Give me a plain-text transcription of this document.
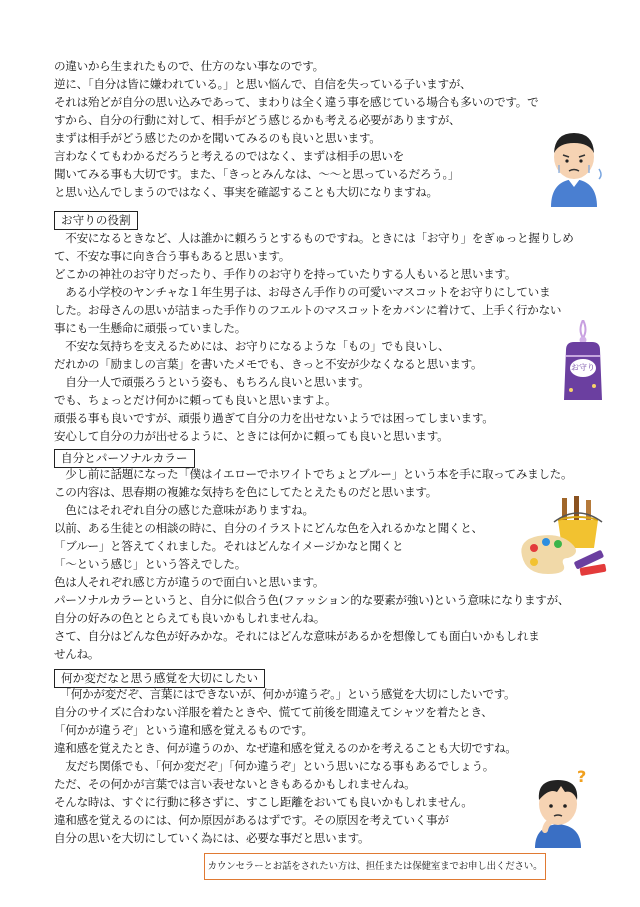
の違いから生まれたもので、仕方のない事なのです。
逆に、「自分は皆に嫌われている。」と思い悩んで、自信を失っている子いますが、
それは殆どが自分の思い込みであって、まわりは全く違う事を感じている場合も多いのです。で
すから、自分の行動に対して、相手がどう感じるかも考える必要がありますが、
まずは相手がどう感じたのかを聞いてみるのも良いと思います。
言わなくてもわかるだろうと考えるのではなく、まずは相手の思いを
聞いてみる事も大切です。また、「きっとみんなは、～～と思っているだろう。」
と思い込んでしまうのではなく、事実を確認することも大切になりますね。
お守りの役割
　不安になるときなど、人は誰かに頼ろうとするものですね。ときには「お守り」をぎゅっと握りしめ
て、不安な事に向き合う事もあると思います。
どこかの神社のお守りだったり、手作りのお守りを持っていたりする人もいると思います。
　ある小学校のヤンチャな１年生男子は、お母さん手作りの可愛いマスコットをお守りにしていま
した。お母さんの思いが詰まった手作りのフエルトのマスコットをカバンに着けて、上手く行かない
事にも一生懸命に頑張っていました。
　不安な気持ちを支えるためには、お守りになるような「もの」でも良いし、
だれかの「励ましの言葉」を書いたメモでも、きっと不安が少なくなると思います。
　自分一人で頑張ろうという姿も、もちろん良いと思います。
でも、ちょっとだけ何かに頼っても良いと思いますよ。
頑張る事も良いですが、頑張り過ぎて自分の力を出せないようでは困ってしまいます。
安心して自分の力が出せるように、ときには何かに頼っても良いと思います。
お守り
自分とパーソナルカラー
　少し前に話題になった「僕はイエローでホワイトでちょとブルー」という本を手に取ってみました。
この内容は、思春期の複雑な気持ちを色にしてたとえたものだと思います。
　色にはそれぞれ自分の感じた意味がありますね。
以前、ある生徒との相談の時に、自分のイラストにどんな色を入れるかなと聞くと、
「ブルー」と答えてくれました。それはどんなイメージかなと聞くと
「～という感じ」という答えでした。
色は人それぞれ感じ方が違うので面白いと思います。
パーソナルカラーというと、自分に似合う色(ファッション的な要素が強い)という意味になりますが、
自分の好みの色ととらえても良いかもしれませんね。
さて、自分はどんな色が好みかな。それにはどんな意味があるかを想像しても面白いかもしれま
せんね。
何か変だなと思う感覚を大切にしたい
　「何かが変だぞ、言葉にはできないが、何かが違うぞ。」という感覚を大切にしたいです。
自分のサイズに合わない洋服を着たときや、慌てて前後を間違えてシャツを着たとき、
「何かが違うぞ」という違和感を覚えるものです。
違和感を覚えたとき、何が違うのか、なぜ違和感を覚えるのかを考えることも大切ですね。
　友だち関係でも、「何か変だぞ」「何か違うぞ」という思いになる事もあるでしょう。
ただ、その何かが言葉では言い表せないときもあるかもしれませんね。
そんな時は、すぐに行動に移さずに、すこし距離をおいても良いかもしれません。
違和感を覚えるのには、何か原因があるはずです。その原因を考えていく事が
自分の思いを大切にしていく為には、必要な事だと思います。
?
カウンセラーとお話をされたい方は、担任または保健室までお申し出ください。
